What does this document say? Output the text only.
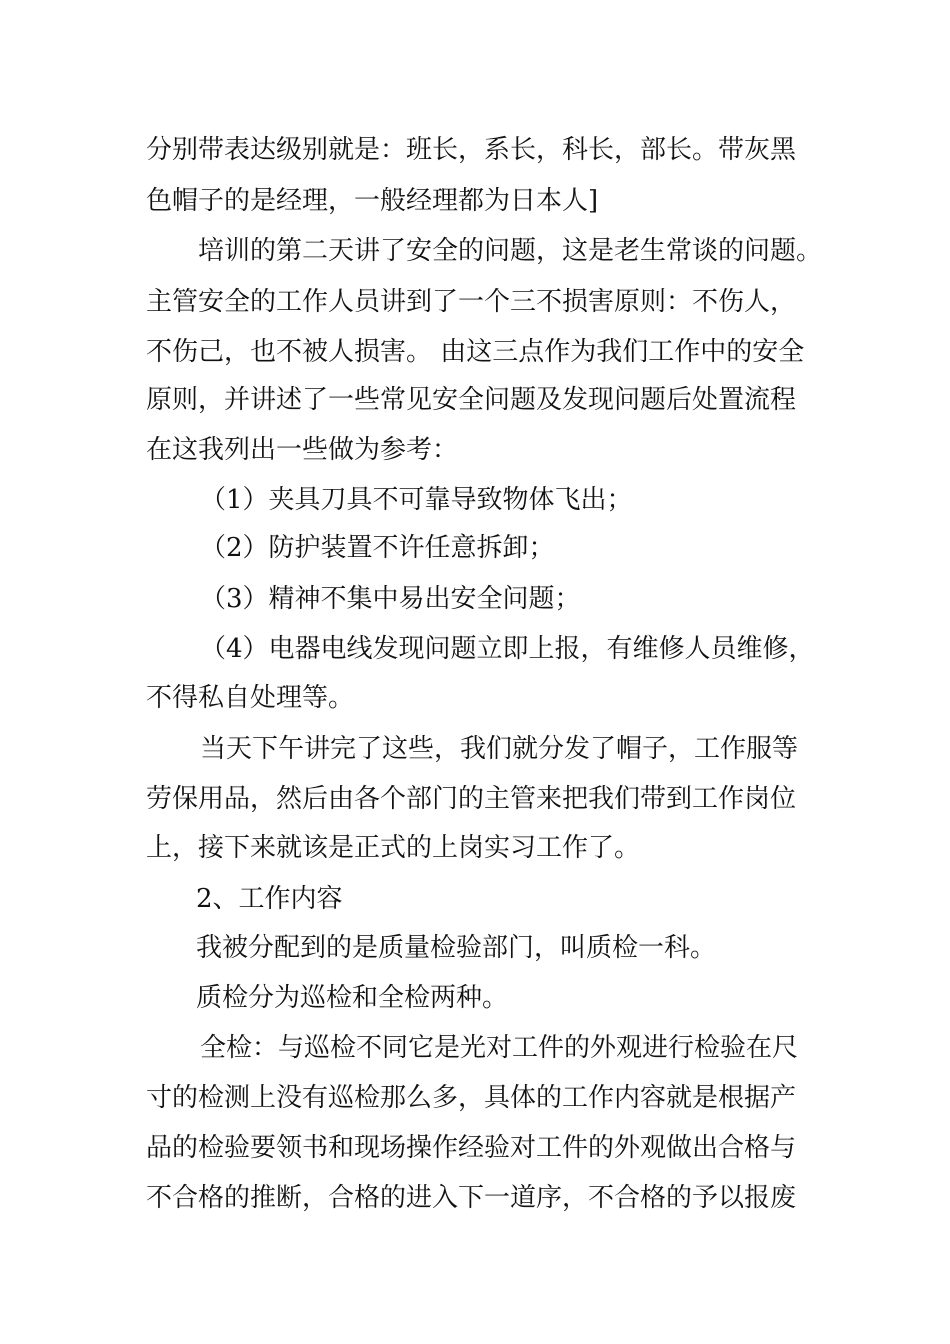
分别带表达级别就是：班长，系长，科长，部长。带灰黑
色帽子的是经理，一般经理都为日本人]
培训的第二天讲了安全的问题，这是老生常谈的问题。
主管安全的工作人员讲到了一个三不损害原则：不伤人，
不伤己，也不被人损害。 由这三点作为我们工作中的安全
原则，并讲述了一些常见安全问题及发现问题后处置流程
在这我列出一些做为参考：
（1）夹具刀具不可靠导致物体飞出；
（2）防护装置不许任意拆卸；
（3）精神不集中易出安全问题；
（4）电器电线发现问题立即上报，有维修人员维修，
不得私自处理等。
当天下午讲完了这些，我们就分发了帽子，工作服等
劳保用品，然后由各个部门的主管来把我们带到工作岗位
上，接下来就该是正式的上岗实习工作了。
2、工作内容
我被分配到的是质量检验部门，叫质检一科。
质检分为巡检和全检两种。
全检：与巡检不同它是光对工件的外观进行检验在尺
寸的检测上没有巡检那么多，具体的工作内容就是根据产
品的检验要领书和现场操作经验对工件的外观做出合格与
不合格的推断，合格的进入下一道序，不合格的予以报废
